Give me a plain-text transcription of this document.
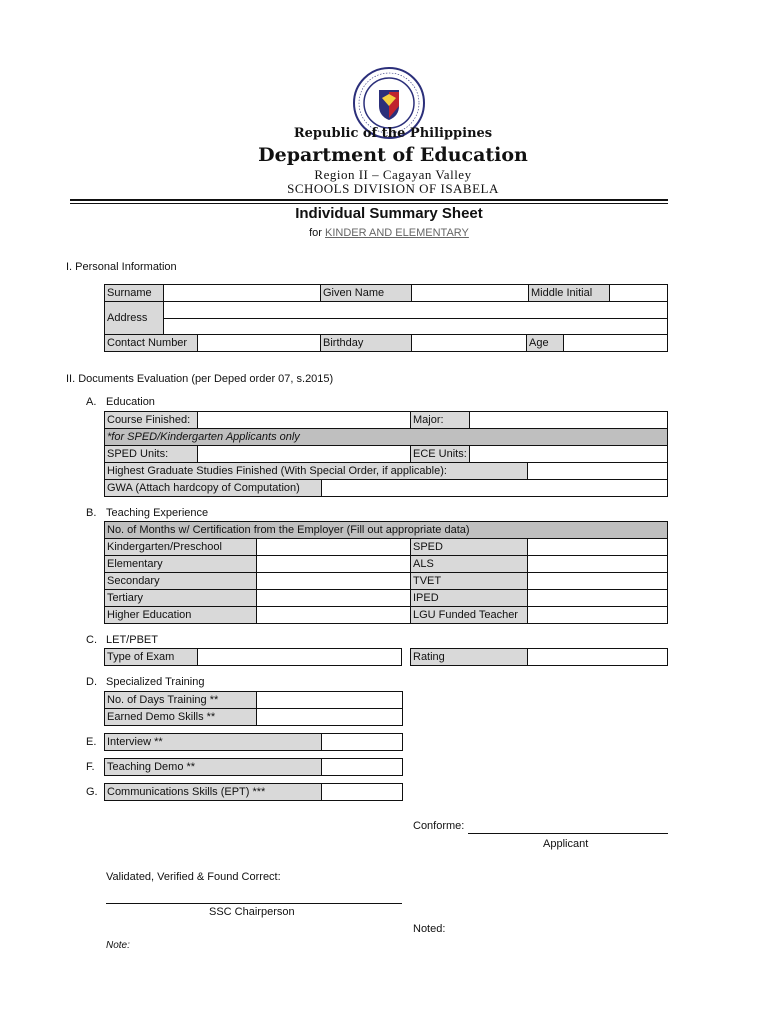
Republic of the Philippines
Department of Education
Region II – Cagayan Valley
SCHOOLS DIVISION OF ISABELA
Individual Summary Sheet
for KINDER AND ELEMENTARY
I. Personal Information
Surname	Given Name	Middle Initial
Address
Contact Number	Birthday	Age
II. Documents Evaluation (per Deped order 07, s.2015)
A. Education
Course Finished:	Major:
*for SPED/Kindergarten Applicants only
SPED Units:	ECE Units:
Highest Graduate Studies Finished (With Special Order, if applicable):
GWA (Attach hardcopy of Computation)
B. Teaching Experience
No. of Months w/ Certification from the Employer (Fill out appropriate data)
Kindergarten/Preschool	SPED
Elementary	ALS
Secondary	TVET
Tertiary	IPED
Higher Education	LGU Funded Teacher
C. LET/PBET
Type of Exam	Rating
D. Specialized Training
No. of Days Training **
Earned Demo Skills **
E. Interview **
F. Teaching Demo **
G. Communications Skills (EPT) ***
Conforme:
Applicant
Validated, Verified & Found Correct:
SSC Chairperson
Noted:
Note:
